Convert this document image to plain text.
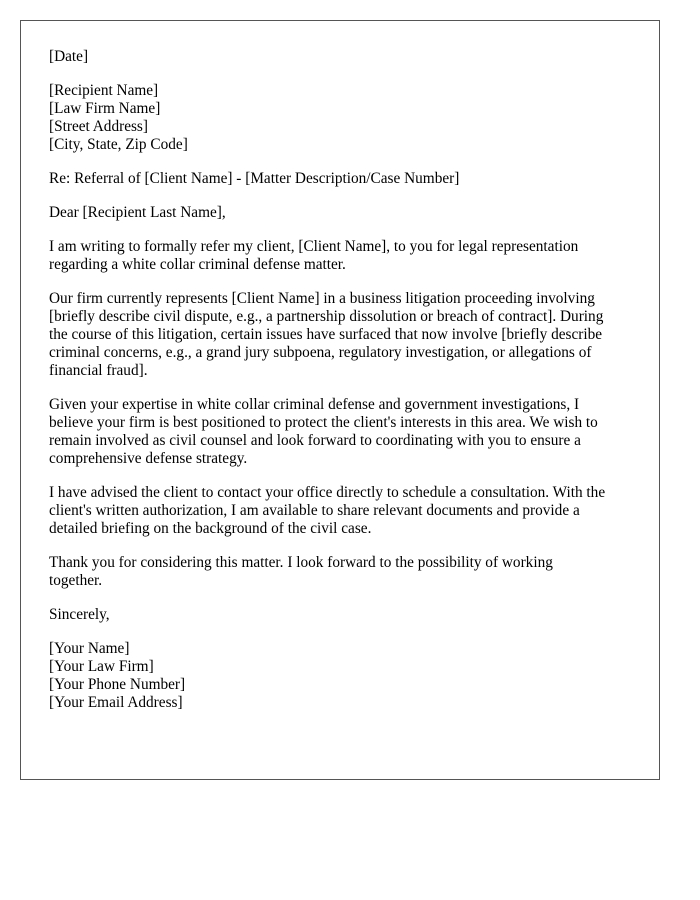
[Date]
[Recipient Name]
[Law Firm Name]
[Street Address]
[City, State, Zip Code]
Re: Referral of [Client Name] - [Matter Description/Case Number]
Dear [Recipient Last Name],
I am writing to formally refer my client, [Client Name], to you for legal representation
regarding a white collar criminal defense matter.
Our firm currently represents [Client Name] in a business litigation proceeding involving
[briefly describe civil dispute, e.g., a partnership dissolution or breach of contract]. During
the course of this litigation, certain issues have surfaced that now involve [briefly describe
criminal concerns, e.g., a grand jury subpoena, regulatory investigation, or allegations of
financial fraud].
Given your expertise in white collar criminal defense and government investigations, I
believe your firm is best positioned to protect the client's interests in this area. We wish to
remain involved as civil counsel and look forward to coordinating with you to ensure a
comprehensive defense strategy.
I have advised the client to contact your office directly to schedule a consultation. With the
client's written authorization, I am available to share relevant documents and provide a
detailed briefing on the background of the civil case.
Thank you for considering this matter. I look forward to the possibility of working
together.
Sincerely,
[Your Name]
[Your Law Firm]
[Your Phone Number]
[Your Email Address]
